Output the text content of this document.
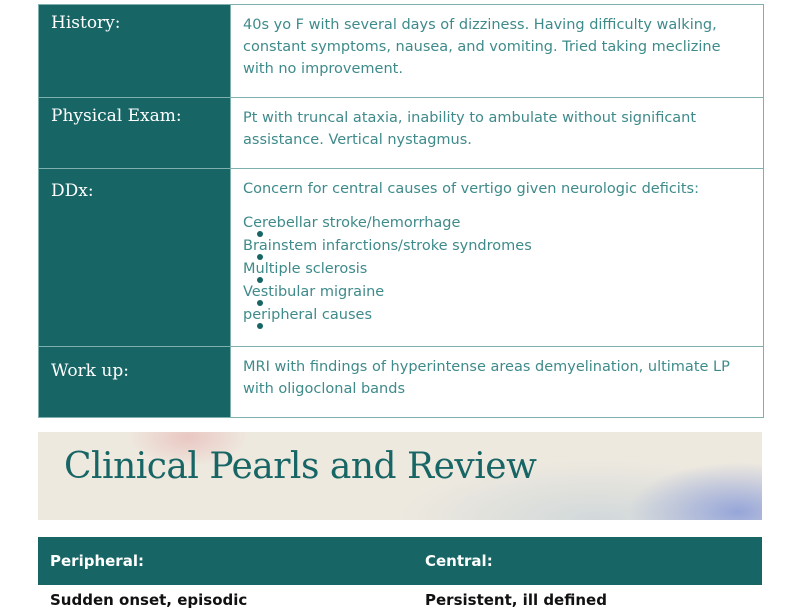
History:	40s yo F with several days of dizziness. Having difficulty walking, constant symptoms, nausea, and vomiting. Tried taking meclizine with no improvement.
Physical Exam:	Pt with truncal ataxia, inability to ambulate without significant assistance. Vertical nystagmus.
DDx:	Concern for central causes of vertigo given neurologic deficits:
Cerebellar stroke/hemorrhage
Brainstem infarctions/stroke syndromes
Multiple sclerosis
Vestibular migraine
peripheral causes
Work up:	MRI with findings of hyperintense areas demyelination, ultimate LP with oligoclonal bands
Clinical Pearls and Review
Peripheral:	Central:
Sudden onset, episodic	Persistent, ill defined
